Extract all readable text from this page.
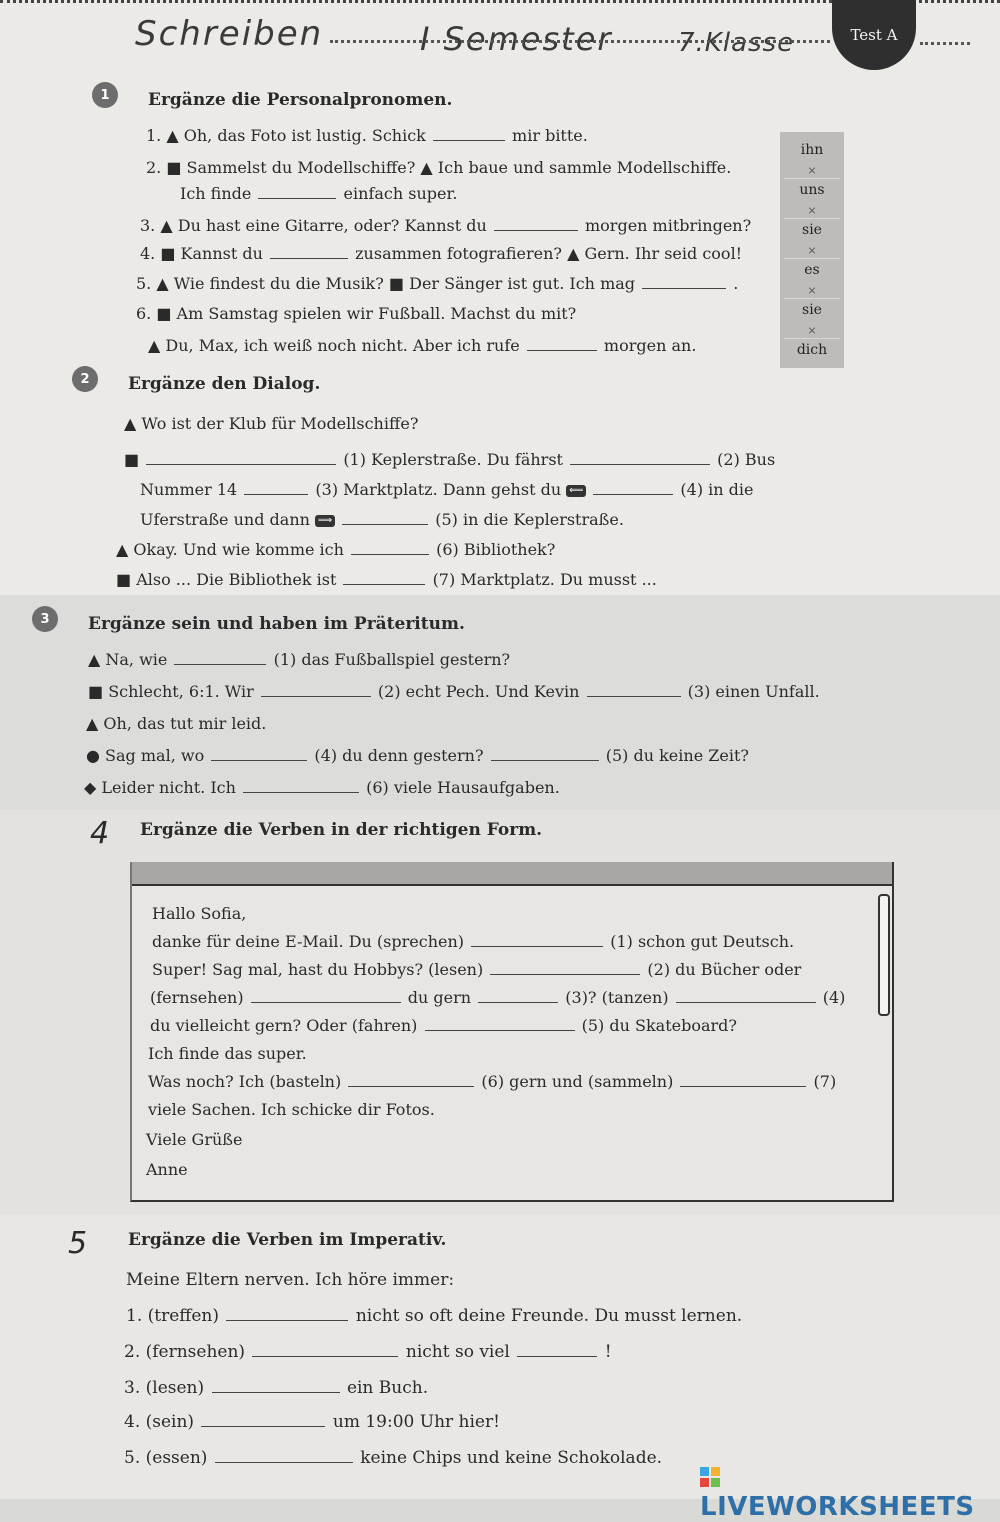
Schreiben	I Semester	7.Klasse	Test A
1	Ergänze die Personalpronomen.
1. ▲ Oh, das Foto ist lustig. Schick	mir bitte.
2. ■ Sammelst du Modellschiffe? ▲ Ich baue und sammle Modellschiffe.
Ich finde	einfach super.
3. ▲ Du hast eine Gitarre, oder? Kannst du	morgen mitbringen?
4. ■ Kannst du	zusammen fotografieren? ▲ Gern. Ihr seid cool!
5. ▲ Wie findest du die Musik? ■ Der Sänger ist gut. Ich mag	.
6. ■ Am Samstag spielen wir Fußball. Machst du mit?
▲ Du, Max, ich weiß noch nicht. Aber ich rufe	morgen an.
ihn
×
uns
×
sie
×
es
×
sie
×
dich
2	Ergänze den Dialog.
▲ Wo ist der Klub für Modellschiffe?
■	(1) Keplerstraße. Du fährst	(2) Bus
Nummer 14	(3) Marktplatz. Dann gehst du ⟸	(4) in die
Uferstraße und dann ⟹	(5) in die Keplerstraße.
▲ Okay. Und wie komme ich	(6) Bibliothek?
■ Also ... Die Bibliothek ist	(7) Marktplatz. Du musst ...
3	Ergänze sein und haben im Präteritum.
▲ Na, wie	(1) das Fußballspiel gestern?
■ Schlecht, 6:1. Wir	(2) echt Pech. Und Kevin	(3) einen Unfall.
▲ Oh, das tut mir leid.
● Sag mal, wo	(4) du denn gestern?	(5) du keine Zeit?
◆ Leider nicht. Ich	(6) viele Hausaufgaben.
4 Ergänze die Verben in der richtigen Form.
Hallo Sofia,
danke für deine E-Mail. Du (sprechen)	(1) schon gut Deutsch.
Super! Sag mal, hast du Hobbys? (lesen)	(2) du Bücher oder
(fernsehen)	du gern	(3)? (tanzen)	(4)
du vielleicht gern? Oder (fahren)	(5) du Skateboard?
Ich finde das super.
Was noch? Ich (basteln)	(6) gern und (sammeln)	(7)
viele Sachen. Ich schicke dir Fotos.
Viele Grüße
Anne
5 Ergänze die Verben im Imperativ.
Meine Eltern nerven. Ich höre immer:
1. (treffen)	nicht so oft deine Freunde. Du musst lernen.
2. (fernsehen)	nicht so viel	!
3. (lesen)	ein Buch.
4. (sein)	um 19:00 Uhr hier!
5. (essen)	keine Chips und keine Schokolade.
LIVEWORKSHEETS
